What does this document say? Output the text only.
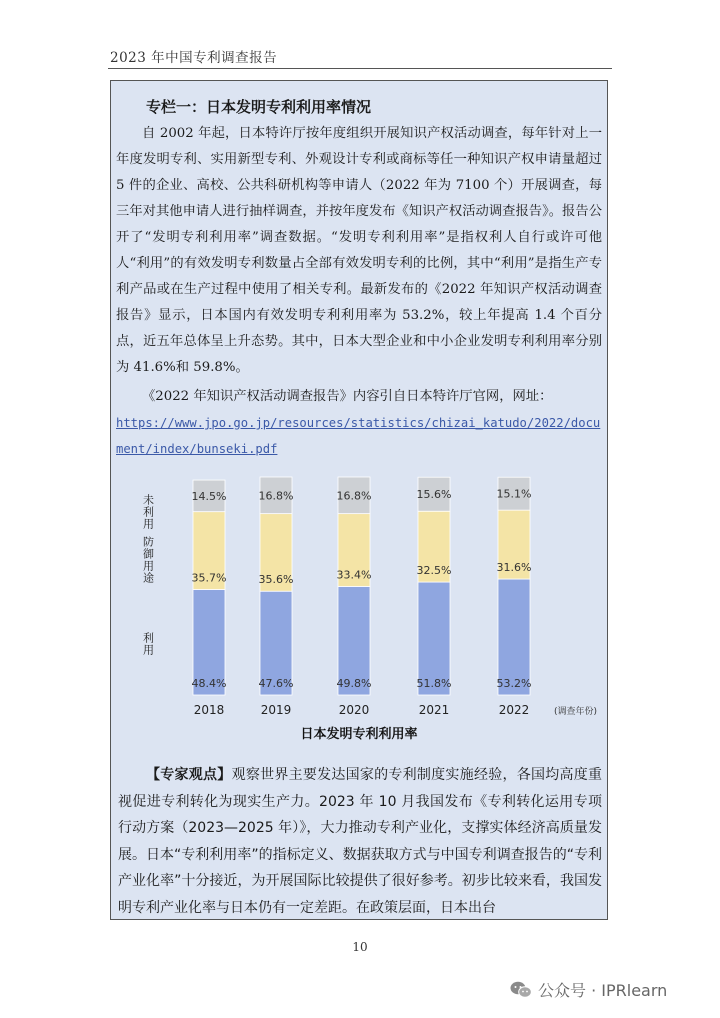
2023 年中国专利调查报告
专栏一：日本发明专利利用率情况
自 2002 年起，日本特许厅按年度组织开展知识产权活动调查，每年针对上一年度发明专利、实用新型专利、外观设计专利或商标等任一种知识产权申请量超过 5 件的企业、高校、公共科研机构等申请人（2022 年为 7100 个）开展调查，每三年对其他申请人进行抽样调查，并按年度发布《知识产权活动调查报告》。报告公开了“发明专利利用率”调查数据。“发明专利利用率”是指权利人自行或许可他人“利用”的有效发明专利数量占全部有效发明专利的比例，其中“利用”是指生产专利产品或在生产过程中使用了相关专利。最新发布的《2022 年知识产权活动调查报告》显示，日本国内有效发明专利利用率为 53.2%，较上年提高 1.4 个百分点，近五年总体呈上升态势。其中，日本大型企业和中小企业发明专利利用率分别为 41.6%和 59.8%。
《2022 年知识产权活动调查报告》内容引自日本特许厅官网，网址：
https://www.jpo.go.jp/resources/statistics/chizai_katudo/2022/document/index/bunseki.pdf
48.4%
35.7%
14.5%
2018
47.6%
35.6%
16.8%
2019
49.8%
33.4%
16.8%
2020
51.8%
32.5%
15.6%
2021
53.2%
31.6%
15.1%
2022	(调查年份)
未利用
防御用途
利用
日本发明专利利用率
【专家观点】观察世界主要发达国家的专利制度实施经验，各国均高度重视促进专利转化为现实生产力。2023 年 10 月我国发布《专利转化运用专项行动方案（2023—2025 年）》，大力推动专利产业化，支撑实体经济高质量发展。日本“专利利用率”的指标定义、数据获取方式与中国专利调查报告的“专利产业化率”十分接近，为开展国际比较提供了很好参考。初步比较来看，我国发明专利产业化率与日本仍有一定差距。在政策层面，日本出台
10
公众号 · IPRlearn
